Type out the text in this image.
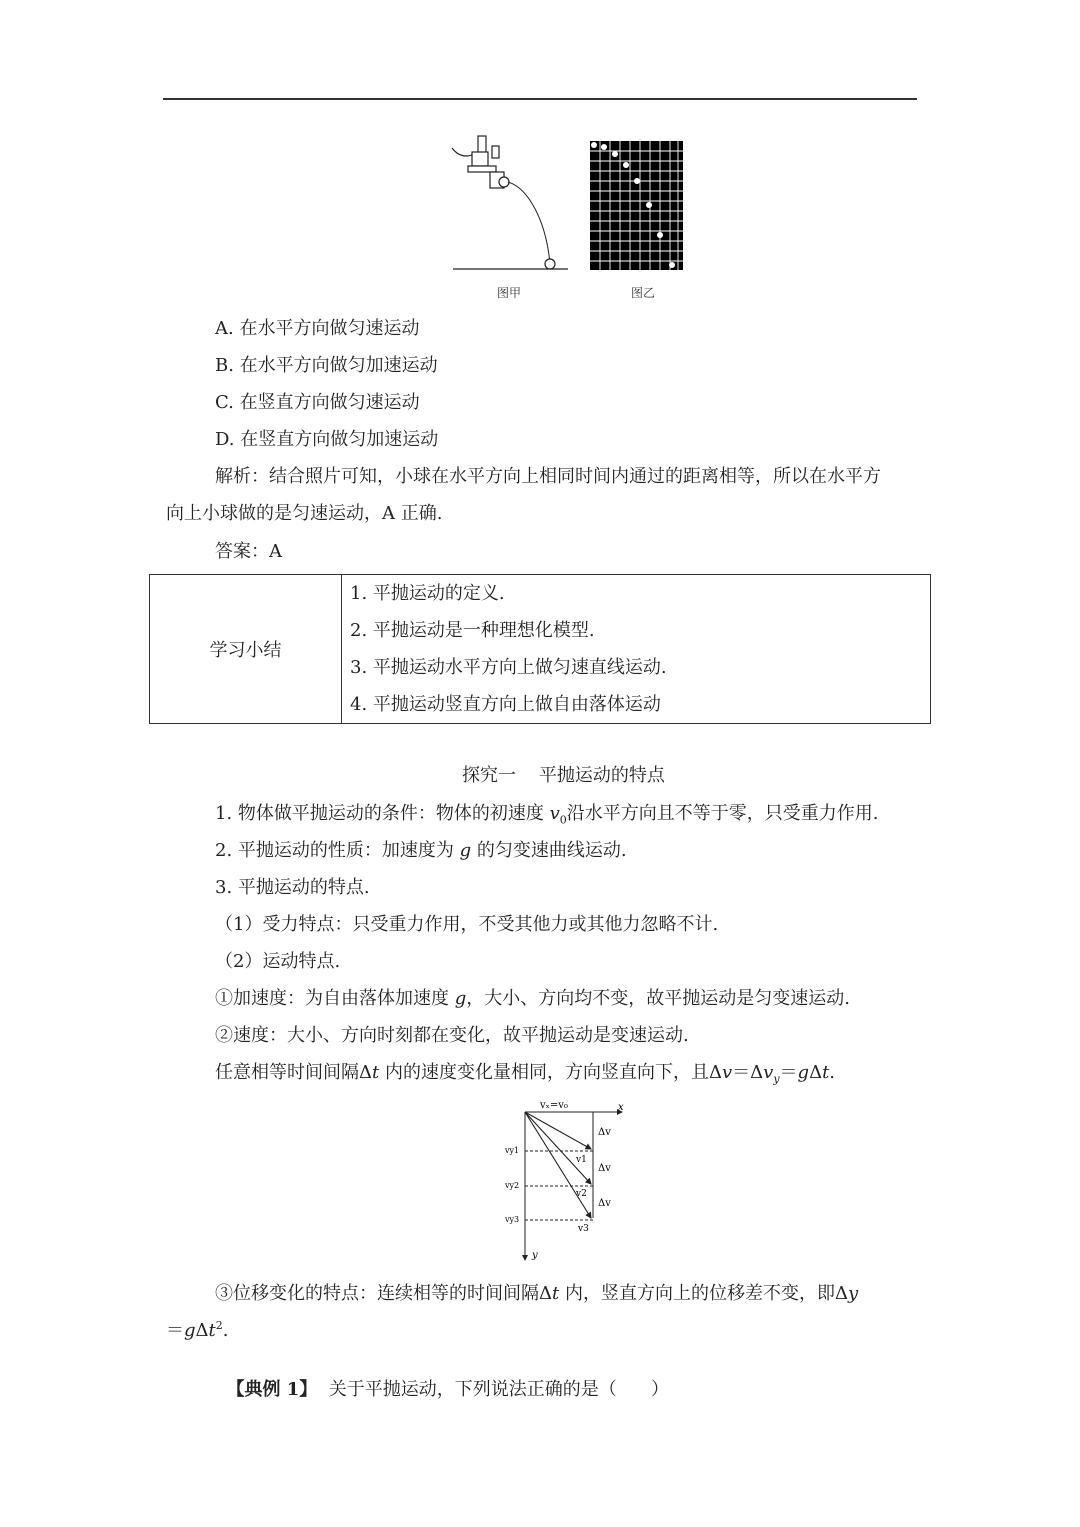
图甲	图乙
A. 在水平方向做匀速运动
B. 在水平方向做匀加速运动
C. 在竖直方向做匀速运动
D. 在竖直方向做匀加速运动
解析：结合照片可知，小球在水平方向上相同时间内通过的距离相等，所以在水平方
向上小球做的是匀速运动，A 正确.
答案：A
学习小结	
1. 平抛运动的定义.
2. 平抛运动是一种理想化模型.
3. 平抛运动水平方向上做匀速直线运动.
4. 平抛运动竖直方向上做自由落体运动
探究一    平抛运动的特点
1. 物体做平抛运动的条件：物体的初速度 $v_0$沿水平方向且不等于零，只受重力作用.
2. 平抛运动的性质：加速度为 g 的匀变速曲线运动.
3. 平抛运动的特点.
（1）受力特点：只受重力作用，不受其他力或其他力忽略不计.
（2）运动特点.
①加速度：为自由落体加速度 g，大小、方向均不变，故平抛运动是匀变速运动.
②速度：大小、方向时刻都在变化，故平抛运动是变速运动.
任意相等时间间隔Δt 内的速度变化量相同，方向竖直向下，且$\Delta v=\Delta v_y=g\Delta t$.
vₓ=v₀	x
y
Δv
Δv
Δv
vy1
vy2
vy3
v1
v2
v3
③位移变化的特点：连续相等的时间间隔Δt 内，竖直方向上的位移差不变，即Δy
＝gΔt$^2$.

【典例 1】  关于平抛运动，下列说法正确的是（      ）
